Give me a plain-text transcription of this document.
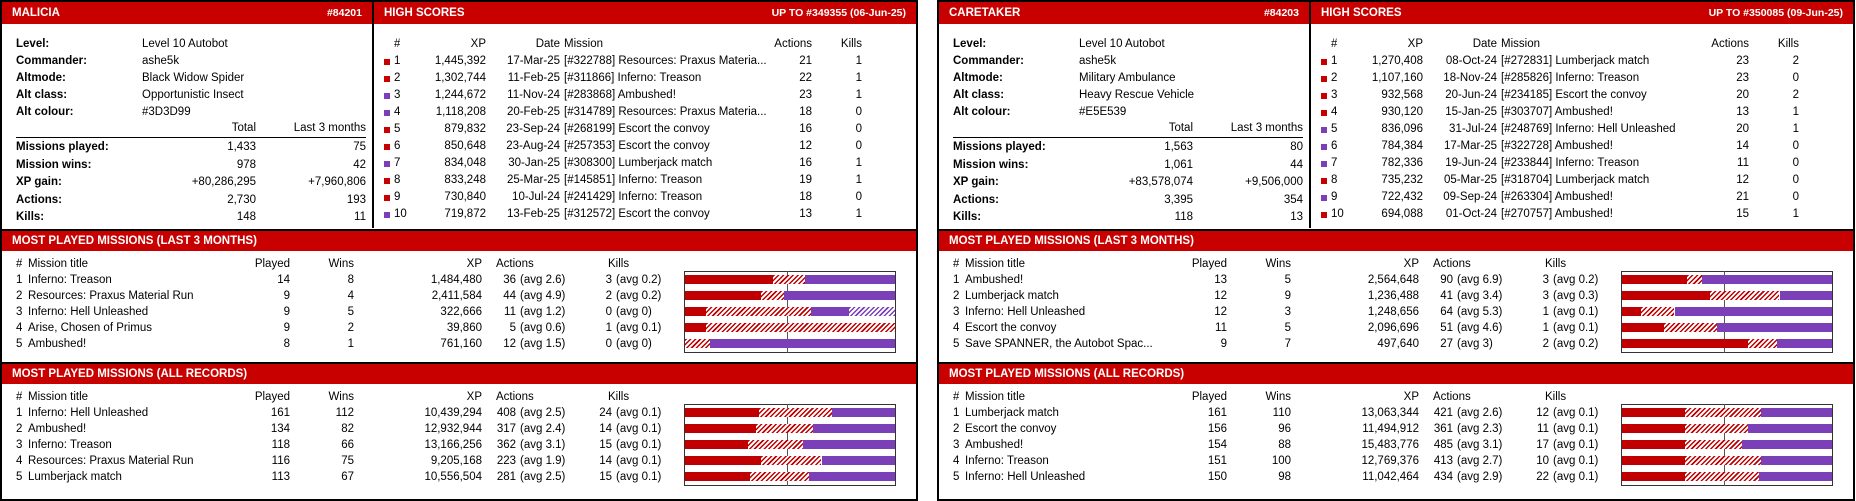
MALICIA	#84201 HIGH SCORES	UP TO #349355 (06-Jun-25)
Level:	Level 10 Autobot
Commander:	ashe5k
Altmode:	Black Widow Spider
Alt class:	Opportunistic Insect
Alt colour:	#3D3D99
Total	Last 3 months
Missions played:	1,433	75
Mission wins:	978	42
XP gain:	+80,286,295	+7,960,806
Actions:	2,730	193
Kills:	148	11
#	XP	Date Mission	Actions	Kills
1	1,445,392	17-Mar-25 [#322788] Resources: Praxus Materia...	21	1
2	1,302,744	11-Feb-25 [#311866] Inferno: Treason	22	1
3	1,244,672	11-Nov-24 [#283868] Ambushed!	23	1
4	1,118,208	20-Feb-25 [#314789] Resources: Praxus Materia...	18	0
5	879,832	23-Sep-24 [#268199] Escort the convoy	16	0
6	850,648	23-Aug-24 [#257353] Escort the convoy	12	0
7	834,048	30-Jan-25 [#308300] Lumberjack match	16	1
8	833,248	25-Mar-25 [#145851] Inferno: Treason	19	1
9	730,840	10-Jul-24 [#241429] Inferno: Treason	18	0
10	719,872	13-Feb-25 [#312572] Escort the convoy	13	1
MOST PLAYED MISSIONS (LAST 3 MONTHS)
# Mission title	Played	Wins	XP Actions	Kills
1 Inferno: Treason	14	8	1,484,480	36 (avg 2.6)	3 (avg 0.2)
2 Resources: Praxus Material Run	9	4	2,411,584	44 (avg 4.9)	2 (avg 0.2)
3 Inferno: Hell Unleashed	9	5	322,666	11 (avg 1.2)	0 (avg 0)
4 Arise, Chosen of Primus	9	2	39,860	5 (avg 0.6)	1 (avg 0.1)
5 Ambushed!	8	1	761,160	12 (avg 1.5)	0 (avg 0)
MOST PLAYED MISSIONS (ALL RECORDS)
# Mission title	Played	Wins	XP Actions	Kills
1 Inferno: Hell Unleashed	161	112	10,439,294	408 (avg 2.5)	24 (avg 0.1)
2 Ambushed!	134	82	12,932,944	317 (avg 2.4)	14 (avg 0.1)
3 Inferno: Treason	118	66	13,166,256	362 (avg 3.1)	15 (avg 0.1)
4 Resources: Praxus Material Run	116	75	9,205,168	223 (avg 1.9)	14 (avg 0.1)
5 Lumberjack match	113	67	10,556,504	281 (avg 2.5)	15 (avg 0.1)
CARETAKER	#84203 HIGH SCORES	UP TO #350085 (09-Jun-25)
Level:	Level 10 Autobot
Commander:	ashe5k
Altmode:	Military Ambulance
Alt class:	Heavy Rescue Vehicle
Alt colour:	#E5E539
Total	Last 3 months
Missions played:	1,563	80
Mission wins:	1,061	44
XP gain:	+83,578,074	+9,506,000
Actions:	3,395	354
Kills:	118	13
#	XP	Date Mission	Actions	Kills
1	1,270,408	08-Oct-24 [#272831] Lumberjack match	23	2
2	1,107,160	18-Nov-24 [#285826] Inferno: Treason	23	0
3	932,568	20-Jun-24 [#234185] Escort the convoy	20	2
4	930,120	15-Jan-25 [#303707] Ambushed!	13	1
5	836,096	31-Jul-24 [#248769] Inferno: Hell Unleashed	20	1
6	784,384	17-Mar-25 [#322728] Ambushed!	14	0
7	782,336	19-Jun-24 [#233844] Inferno: Treason	11	0
8	735,232	05-Mar-25 [#318704] Lumberjack match	12	0
9	722,432	09-Sep-24 [#263304] Ambushed!	21	0
10	694,088	01-Oct-24 [#270757] Ambushed!	15	1
MOST PLAYED MISSIONS (LAST 3 MONTHS)
# Mission title	Played	Wins	XP Actions	Kills
1 Ambushed!	13	5	2,564,648	90 (avg 6.9)	3 (avg 0.2)
2 Lumberjack match	12	9	1,236,488	41 (avg 3.4)	3 (avg 0.3)
3 Inferno: Hell Unleashed	12	3	1,248,656	64 (avg 5.3)	1 (avg 0.1)
4 Escort the convoy	11	5	2,096,696	51 (avg 4.6)	1 (avg 0.1)
5 Save SPANNER, the Autobot Spac...	9	7	497,640	27 (avg 3)	2 (avg 0.2)
MOST PLAYED MISSIONS (ALL RECORDS)
# Mission title	Played	Wins	XP Actions	Kills
1 Lumberjack match	161	110	13,063,344	421 (avg 2.6)	12 (avg 0.1)
2 Escort the convoy	156	96	11,494,912	361 (avg 2.3)	11 (avg 0.1)
3 Ambushed!	154	88	15,483,776	485 (avg 3.1)	17 (avg 0.1)
4 Inferno: Treason	151	100	12,769,376	413 (avg 2.7)	10 (avg 0.1)
5 Inferno: Hell Unleashed	150	98	11,042,464	434 (avg 2.9)	22 (avg 0.1)
